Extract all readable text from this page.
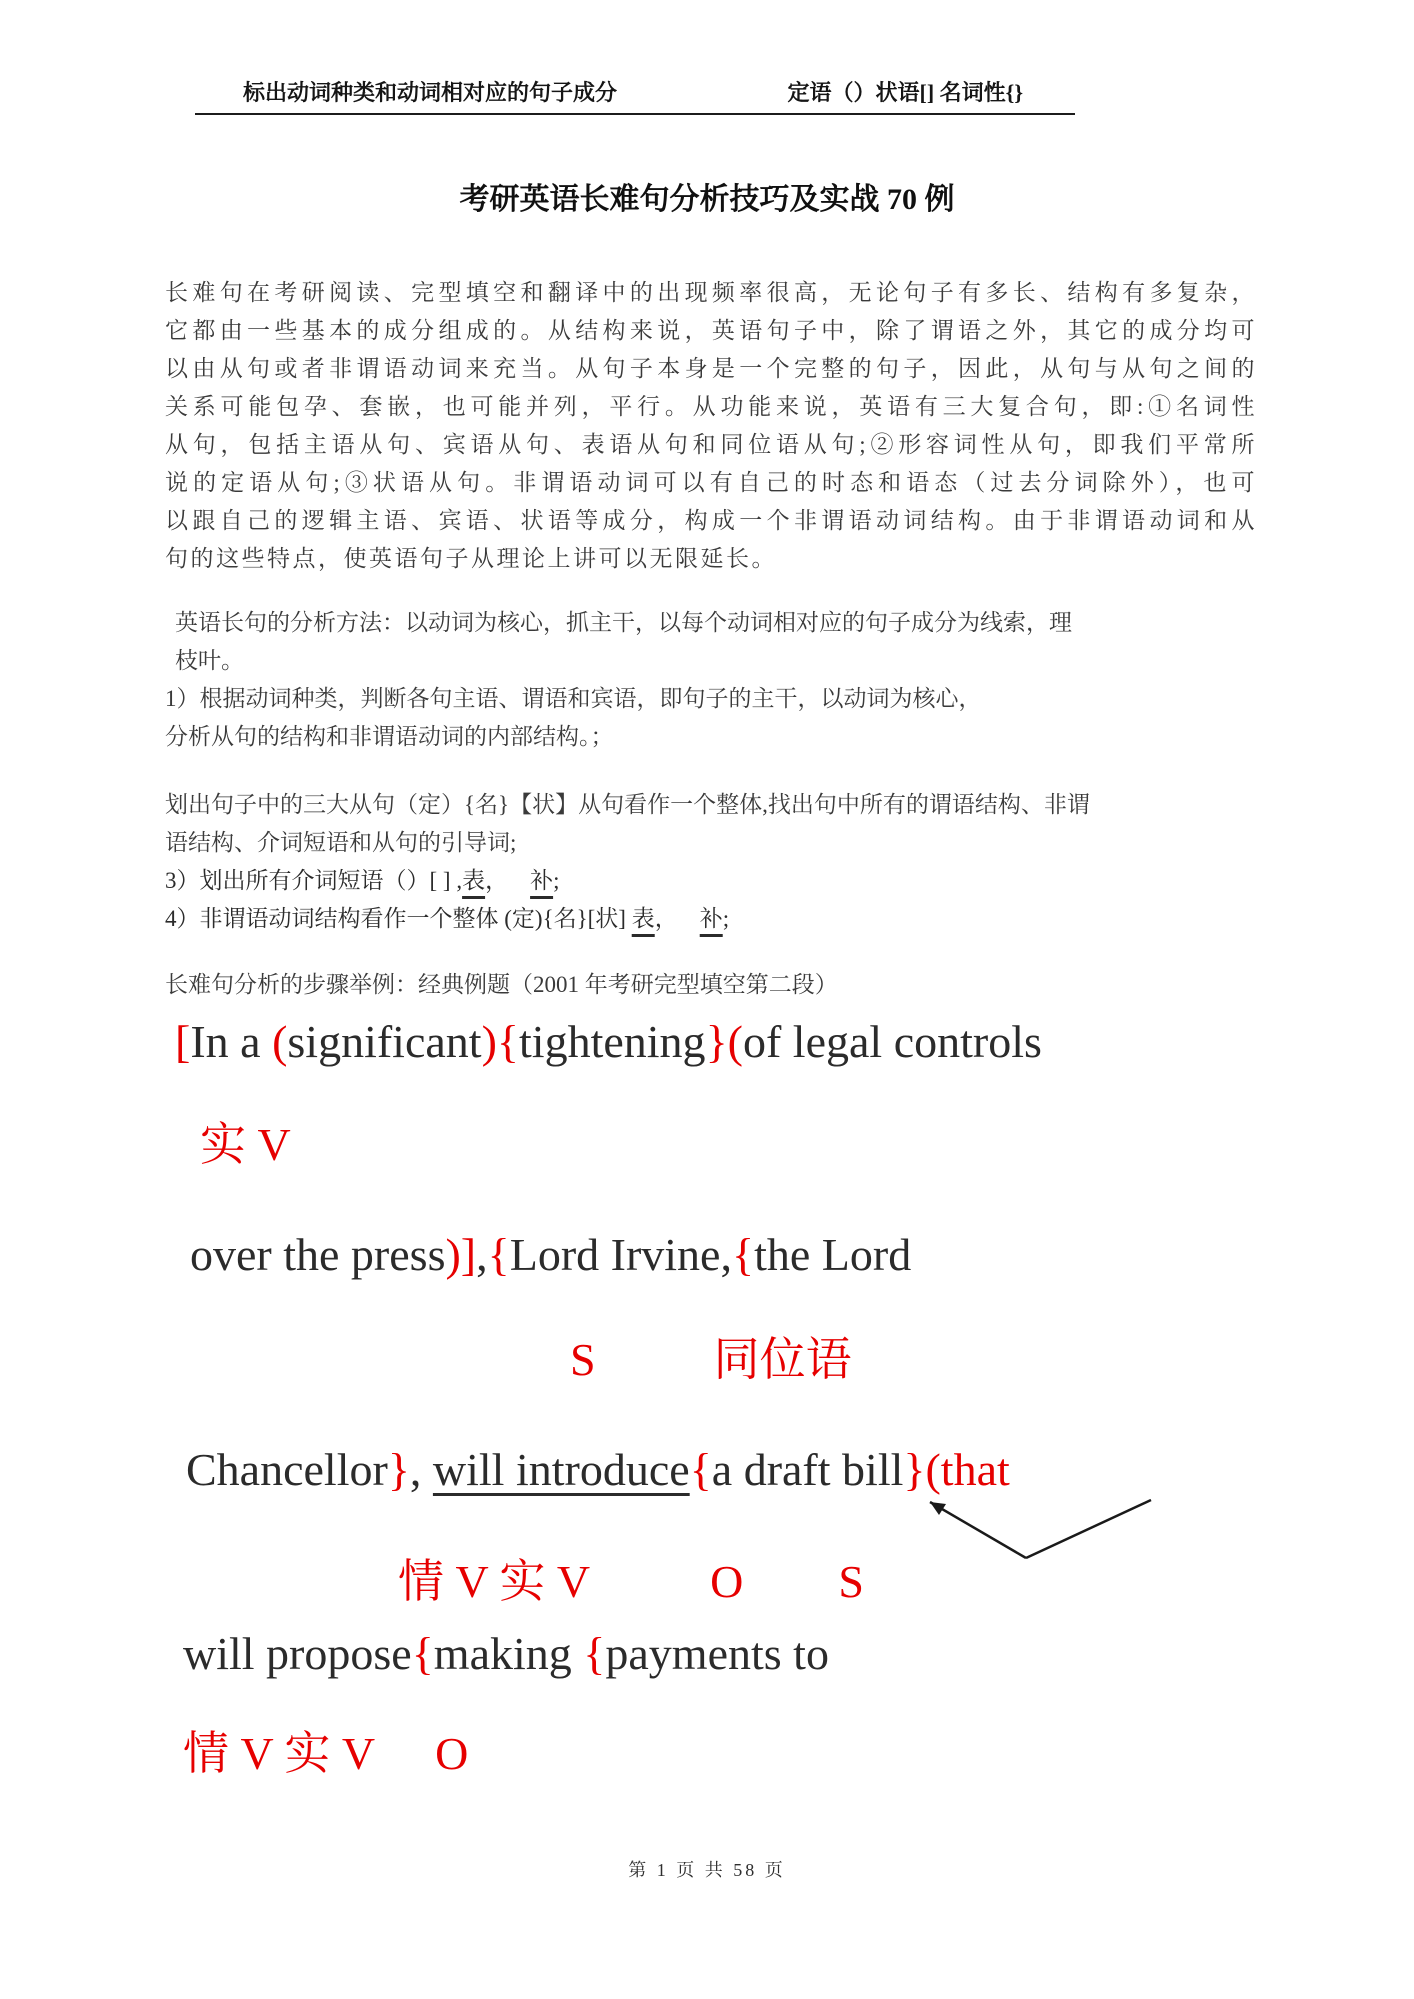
标出动词种类和动词相对应的句子成分	定语（）状语[] 名词性{}
考研英语长难句分析技巧及实战 70 例
长难句在考研阅读、完型填空和翻译中的出现频率很高，无论句子有多长、结构有多复杂，
它都由一些基本的成分组成的。从结构来说，英语句子中，除了谓语之外，其它的成分均可
以由从句或者非谓语动词来充当。从句子本身是一个完整的句子，因此，从句与从句之间的
关系可能包孕、套嵌，也可能并列，平行。从功能来说，英语有三大复合句，即:①名词性
从句，包括主语从句、宾语从句、表语从句和同位语从句;②形容词性从句，即我们平常所
说的定语从句;③状语从句。非谓语动词可以有自己的时态和语态（过去分词除外），也可
以跟自己的逻辑主语、宾语、状语等成分，构成一个非谓语动词结构。由于非谓语动词和从
句的这些特点，使英语句子从理论上讲可以无限延长。
英语长句的分析方法：以动词为核心，抓主干，以每个动词相对应的句子成分为线索，理
枝叶。
1）根据动词种类，判断各句主语、谓语和宾语，即句子的主干，以动词为核心，
分析从句的结构和非谓语动词的内部结构。；
划出句子中的三大从句（定）{名}【状】从句看作一个整体,找出句中所有的谓语结构、非谓
语结构、介词短语和从句的引导词;
3）划出所有介词短语（）[ ] ,表， 补;
4）非谓语动词结构看作一个整体 (定){名}[状] 表， 补;
长难句分析的步骤举例：经典例题（2001 年考研完型填空第二段）
[In a (significant){tightening}(of legal controls
实 V
over the press)],{Lord Irvine,{the Lord
S	同位语
Chancellor}, will introduce{a draft bill}(that
情 V 实 V	O S
will propose{making {payments to
情 V 实 V O
第 1 页 共 58 页
